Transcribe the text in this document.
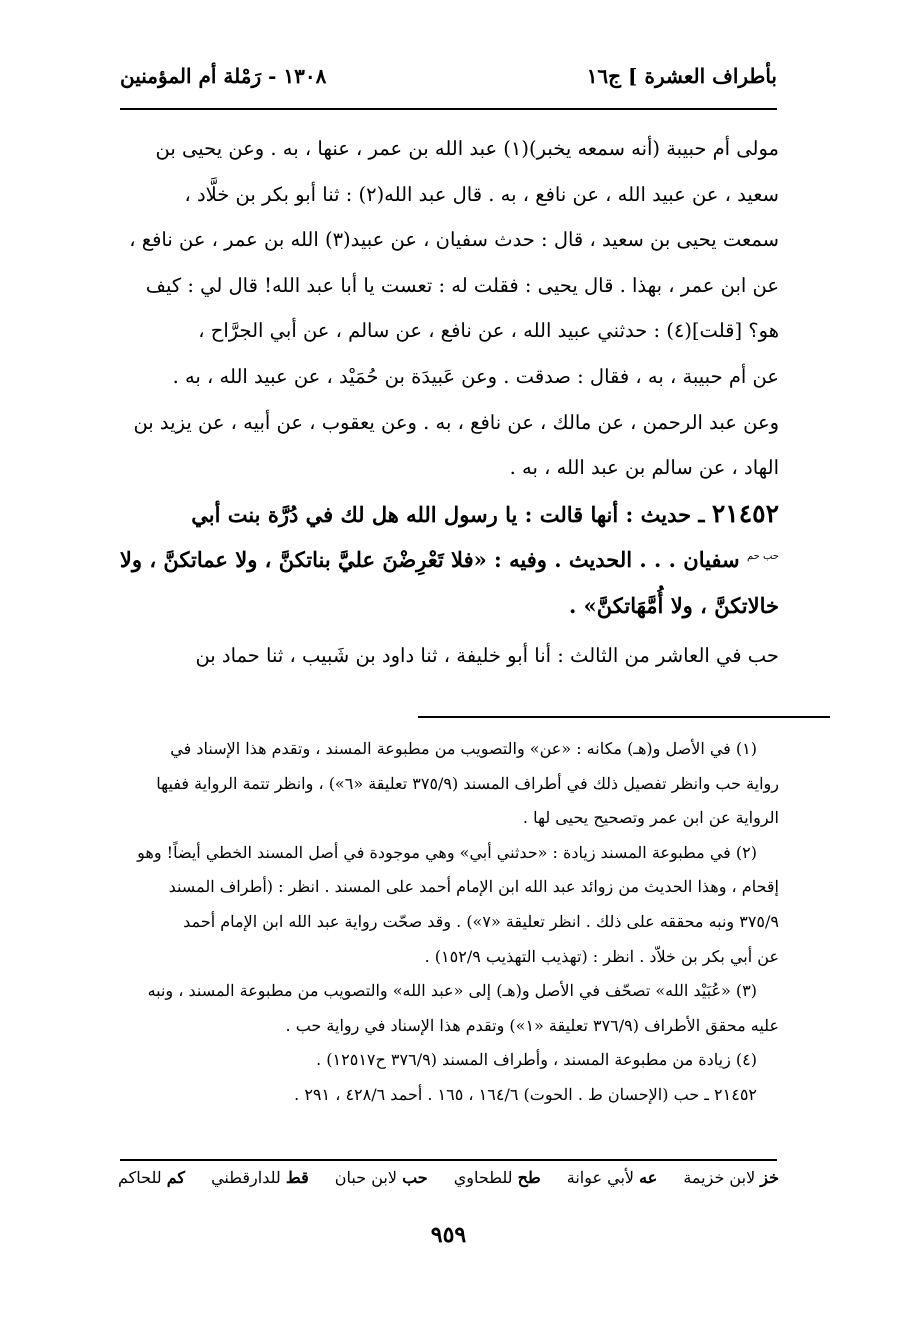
بأطراف العشرة ] ج١٦
١٣٠٨ - رَمْلة أم المؤمنين

مولى أم حبيبة (أنه سمعه يخبر)(١) عبد الله بن عمر ، عنها ، به . وعن يحيى بن

سعيد ، عن عبيد الله ، عن نافع ، به . قال عبد الله(٢) : ثنا أبو بكر بن خلَّاد ،

سمعت يحيى بن سعيد ، قال : حدث سفيان ، عن عبيد(٣) الله بن عمر ، عن نافع ،

عن ابن عمر ، بهذا . قال يحيى : فقلت له : تعست يا أبا عبد الله! قال لي : كيف

هو؟ [قلت](٤) : حدثني عبيد الله ، عن نافع ، عن سالم ، عن أبي الجرَّاح ،

عن أم حبيبة ، به ، فقال : صدقت . وعن عَبيدَة بن حُمَيْد ، عن عبيد الله ، به .

وعن عبد الرحمن ، عن مالك ، عن نافع ، به . وعن يعقوب ، عن أبيه ، عن يزيد بن

الهاد ، عن سالم بن عبد الله ، به .

٢١٤٥٢ ـ حديث : أنها قالت : يا رسول الله هل لك في دُرَّة بنت أبي

$^{حب حم}$ سفيان . . . الحديث . وفيه : «فلا تَعْرِضْنَ عليَّ بناتكنَّ ، ولا عماتكنَّ ، ولا

خالاتكنَّ ، ولا أُمَّهَاتكنَّ» .

حب في العاشر من الثالث : أنا أبو خليفة ، ثنا داود بن شَبيب ، ثنا حماد بن

(١) في الأصل و(هـ) مكانه : «عن» والتصويب من مطبوعة المسند ، وتقدم هذا الإسناد في

رواية حب وانظر تفصيل ذلك في أطراف المسند (٣٧٥/٩ تعليقة «٦») ، وانظر تتمة الرواية ففيها

الرواية عن ابن عمر وتصحيح يحيى لها .

(٢) في مطبوعة المسند زيادة : «حدثني أبي» وهي موجودة في أصل المسند الخطي أيضاً! وهو

إقحام ، وهذا الحديث من زوائد عبد الله ابن الإمام أحمد على المسند . انظر : (أطراف المسند

٣٧٥/٩ ونبه محققه على ذلك . انظر تعليقة «٧») . وقد صحّت رواية عبد الله ابن الإمام أحمد

عن أبي بكر بن خلاّد . انظر : (تهذيب التهذيب ١٥٢/٩) .

(٣) «عُبَيْد الله» تصحّف في الأصل و(هـ) إلى «عبد الله» والتصويب من مطبوعة المسند ، ونبه

عليه محقق الأطراف (٣٧٦/٩ تعليقة «١») وتقدم هذا الإسناد في رواية حب .

(٤) زيادة من مطبوعة المسند ، وأطراف المسند (٣٧٦/٩ ح١٢٥١٧) .

٢١٤٥٢ ـ حب (الإحسان ط . الحوت) ١٦٤/٦ ، ١٦٥ . أحمد ٤٢٨/٦ ، ٢٩١ .

خز لابن خزيمة
عه لأبي عوانة
طح للطحاوي
حب لابن حبان
قط للدارقطني
كم للحاكم
٩٥٩
